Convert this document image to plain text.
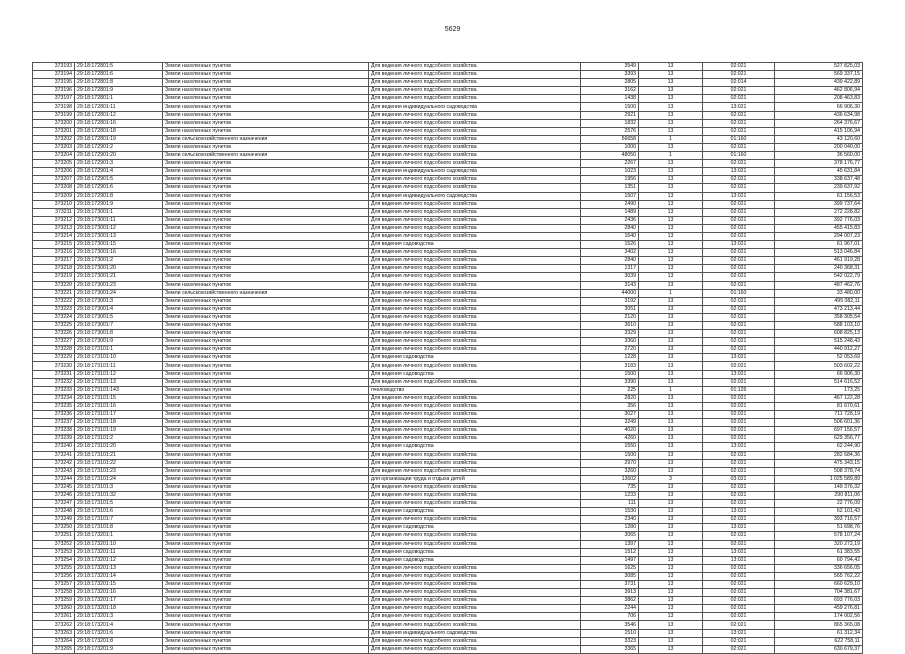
5629
373193	29:18:172801:5	Земли населенных пунктов	Для ведения личного подсобного хозяйства	3549	13	02:021	527 825,03
373194	29:18:172801:6	Земли населенных пунктов	Для ведения личного подсобного хозяйства	3393	13	02:021	569 337,15
373195	29:18:172801:8	Земли населенных пунктов	Для ведения личного подсобного хозяйства	2805	13	02:014	439 422,89
373196	29:18:172801:9	Земли населенных пунктов	Для ведения личного подсобного хозяйства	3162	13	02:021	462 806,94
373197	29:18:172801:1	Земли населенных пунктов	Для ведения личного подсобного хозяйства	1438	13	02:021	208 463,83
373198	29:18:172801:11	Земли населенных пунктов	Для ведения индивидуального садоводства	1500	13	13:021	66 906,30
373199	29:18:172801:12	Земли населенных пунктов	Для ведения личного подсобного хозяйства	2921	13	02:021	436 634,98
373200	29:18:172801:16	Земли населенных пунктов	Для ведения личного подсобного хозяйства	1832	13	02:021	264 376,67
373201	29:18:172801:18	Земли населенных пунктов	Для ведения личного подсобного хозяйства	2576	13	02:021	415 106,94
373202	29:18:172801:19	Земли сельскохозяйственного назначения	Для ведения личного подсобного хозяйства	56658	1	01:160	43 120,60
373203	29:18:172901:2	Земли населенных пунктов	Для ведения личного подсобного хозяйства	1000	13	02:021	200 040,00
373204	29:18:172901:20	Земли сельскохозяйственного назначения	Для ведения личного подсобного хозяйства	48050	1	01:160	36 560,00
373205	29:18:172901:3	Земли населенных пунктов	Для ведения личного подсобного хозяйства	2267	13	02:021	378 176,77
373206	29:18:172901:4	Земли населенных пунктов	Для ведения индивидуального садоводства	1023	13	13:021	45 631,84
373207	29:18:172901:5	Земли населенных пунктов	Для ведения личного подсобного хозяйства	1956	13	02:021	338 637,48
373208	29:18:172901:6	Земли населенных пунктов	Для ведения личного подсобного хозяйства	1351	13	02:021	239 637,92
373209	29:18:172901:8	Земли населенных пунктов	Для ведения индивидуального садоводства	1507	13	13:021	61 156,53
373210	29:18:172901:9	Земли населенных пунктов	Для ведения личного подсобного хозяйства	2490	13	02:021	399 737,64
373211	29:18:173001:1	Земли населенных пунктов	Для ведения личного подсобного хозяйства	1489	13	02:021	272 228,82
373212	29:18:173001:11	Земли населенных пунктов	Для ведения личного подсобного хозяйства	2436	13	02:021	392 776,03
373213	29:18:173001:12	Земли населенных пунктов	Для ведения личного подсобного хозяйства	2840	13	02:021	455 415,83
373214	29:18:173001:13	Земли населенных пунктов	Для ведения личного подсобного хозяйства	1640	13	02:021	294 007,23
373215	29:18:173001:15	Земли населенных пунктов	Для ведения садоводства	1526	13	13:021	61 967,01
373216	29:18:173001:16	Земли населенных пунктов	Для ведения личного подсобного хозяйства	3402	13	02:021	513 046,84
373217	29:18:173001:2	Земли населенных пунктов	Для ведения личного подсобного хозяйства	2840	13	02:021	461 919,28
373218	29:18:173001:20	Земли населенных пунктов	Для ведения личного подсобного хозяйства	1317	13	02:021	240 368,31
373219	29:18:173001:21	Земли населенных пунктов	Для ведения личного подсобного хозяйства	3039	13	02:021	542 022,79
373220	29:18:173001:23	Земли населенных пунктов	Для ведения личного подсобного хозяйства	3143	13	02:021	487 462,76
373221	29:18:173001:24	Земли сельскохозяйственного назначения	Для ведения личного подсобного хозяйства	44000	1	01:160	33 480,00
373222	29:18:173001:3	Земли населенных пунктов	Для ведения личного подсобного хозяйства	3192	13	02:021	495 082,11
373223	29:18:173001:4	Земли населенных пунктов	Для ведения личного подсобного хозяйства	3051	13	02:021	473 213,44
373224	29:18:173001:5	Земли населенных пунктов	Для ведения личного подсобного хозяйства	2120	13	02:021	358 305,54
373225	29:18:173001:7	Земли населенных пунктов	Для ведения личного подсобного хозяйства	3610	13	02:021	588 103,10
373226	29:18:173001:8	Земли населенных пунктов	Для ведения личного подсобного хозяйства	3329	13	02:021	608 825,13
373227	29:18:173001:9	Земли населенных пунктов	Для ведения личного подсобного хозяйства	3360	13	02:021	515 248,43
373228	29:18:173101:1	Земли населенных пунктов	Для ведения личного подсобного хозяйства	2720	13	02:021	440 912,27
373229	29:18:173101:10	Земли населенных пунктов	Для ведения садоводства	1228	13	13:021	52 053,69
373230	29:18:173101:11	Земли населенных пунктов	Для ведения личного подсобного хозяйства	3183	13	02:021	503 602,22
373231	29:18:173101:12	Земли населенных пунктов	Для ведения садоводства	1500	13	13:021	66 906,30
373232	29:18:173101:13	Земли населенных пунктов	Для ведения личного подсобного хозяйства	3390	13	02:021	514 616,52
373233	29:18:173101:143	Земли населенных пунктов	пчеловодство	225	1	01:126	173,25
373234	29:18:173101:15	Земли населенных пунктов	Для ведения личного подсобного хозяйства	2820	13	02:021	467 122,28
373235	29:18:173101:16	Земли населенных пунктов	Для ведения личного подсобного хозяйства	356	13	02:021	81 670,61
373236	29:18:173101:17	Земли населенных пунктов	Для ведения личного подсобного хозяйства	3027	13	02:021	711 728,19
373237	29:18:173101:18	Земли населенных пунктов	Для ведения личного подсобного хозяйства	3249	13	02:021	506 601,36
373238	29:18:173101:19	Земли населенных пунктов	Для ведения личного подсобного хозяйства	4020	13	02:021	697 156,57
373239	29:18:173101:2	Земли населенных пунктов	Для ведения личного подсобного хозяйства	4260	13	02:021	629 356,77
373240	29:18:173101:20	Земли населенных пунктов	Для ведения садоводства	1550	13	13:021	62 244,90
373241	29:18:173101:21	Земли населенных пунктов	Для ведения личного подсобного хозяйства	1500	13	02:021	282 684,36
373242	29:18:173101:22	Земли населенных пунктов	Для ведения личного подсобного хозяйства	2970	13	02:021	475 343,15
373243	29:18:173101:23	Земли населенных пунктов	Для ведения личного подсобного хозяйства	3260	13	02:021	508 378,74
373244	29:18:173101:24	Земли населенных пунктов	для организации труда и отдыха детей	13602	3	03:021	1 025 589,89
373245	29:18:173101:3	Земли населенных пунктов	Для ведения личного подсобного хозяйства	735	13	02:021	149 376,32
373246	29:18:173101:32	Земли населенных пунктов	Для ведения личного подсобного хозяйства	1233	13	02:021	290 811,06
373247	29:18:173101:5	Земли населенных пунктов	Для ведения личного подсобного хозяйства	111	13	02:021	22 776,09
373248	29:18:173101:6	Земли населенных пунктов	Для ведения садоводства	1530	13	13:021	62 101,43
373249	29:18:173101:7	Земли населенных пунктов	Для ведения личного подсобного хозяйства	2340	13	02:021	393 716,57
373250	29:18:173101:8	Земли населенных пунктов	Для ведения садоводства	1280	13	13:021	51 698,76
373251	29:18:173201:1	Земли населенных пунктов	Для ведения личного подсобного хозяйства	3065	13	02:021	578 107,24
373252	29:18:173201:10	Земли населенных пунктов	Для ведения личного подсобного хозяйства	1397	13	02:021	320 272,19
373253	29:18:173201:11	Земли населенных пунктов	Для ведения садоводства	1512	13	13:021	61 383,55
373254	29:18:173201:12	Земли населенных пунктов	Для ведения садоводства	1497	13	13:021	60 794,42
373255	29:18:173201:13	Земли населенных пунктов	Для ведения личного подсобного хозяйства	1625	13	02:021	336 656,05
373256	29:18:173201:14	Земли населенных пунктов	Для ведения личного подсобного хозяйства	3085	13	02:021	565 762,22
373257	29:18:173201:15	Земли населенных пунктов	Для ведения личного подсобного хозяйства	3731	13	02:021	660 629,10
373258	29:18:173201:16	Земли населенных пунктов	Для ведения личного подсобного хозяйства	3913	13	02:021	704 381,67
373259	29:18:173201:17	Земли населенных пунктов	Для ведения личного подсобного хозяйства	3862	13	02:021	693 776,03
373260	29:18:173201:18	Земли населенных пунктов	Для ведения личного подсобного хозяйства	2244	13	02:021	459 276,81
373261	29:18:173201:3	Земли населенных пунктов	Для ведения личного подсобного хозяйства	706	13	02:021	174 002,56
373262	29:18:173201:4	Земли населенных пунктов	Для ведения личного подсобного хозяйства	3546	13	02:021	865 365,08
373263	29:18:173201:6	Земли населенных пунктов	Для ведения индивидуального садоводства	1510	13	13:021	61 312,34
373264	29:18:173201:8	Земли населенных пунктов	Для ведения личного подсобного хозяйства	3323	13	02:021	622 758,11
373265	29:18:173201:9	Земли населенных пунктов	Для ведения личного подсобного хозяйства	3365	13	02:021	630 679,37
